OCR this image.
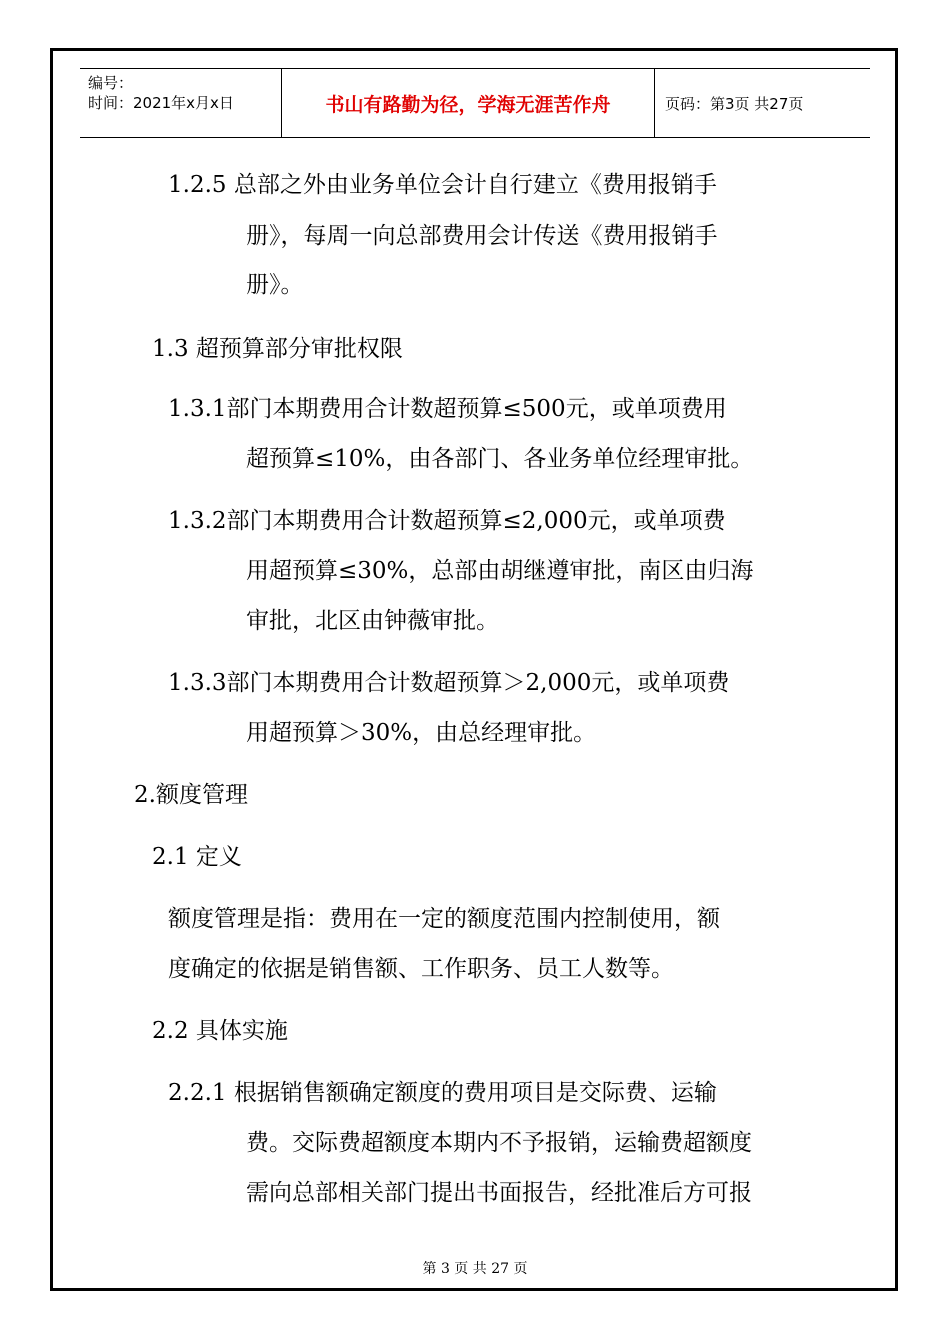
编号：
时间：2021年x月x日	书山有路勤为径，学海无涯苦作舟	页码：第3页 共27页
1.2.5 总部之外由业务单位会计自行建立《费用报销手
册》，每周一向总部费用会计传送《费用报销手
册》。
1.3 超预算部分审批权限
1.3.1部门本期费用合计数超预算≤500元，或单项费用
超预算≤10%，由各部门、各业务单位经理审批。
1.3.2部门本期费用合计数超预算≤2,000元，或单项费
用超预算≤30%，总部由胡继遵审批，南区由归海
审批，北区由钟薇审批。
1.3.3部门本期费用合计数超预算＞2,000元，或单项费
用超预算＞30%，由总经理审批。
2.额度管理
2.1 定义
额度管理是指：费用在一定的额度范围内控制使用，额
度确定的依据是销售额、工作职务、员工人数等。
2.2 具体实施
2.2.1 根据销售额确定额度的费用项目是交际费、运输
费。交际费超额度本期内不予报销，运输费超额度
需向总部相关部门提出书面报告，经批准后方可报
第 3 页 共 27 页
